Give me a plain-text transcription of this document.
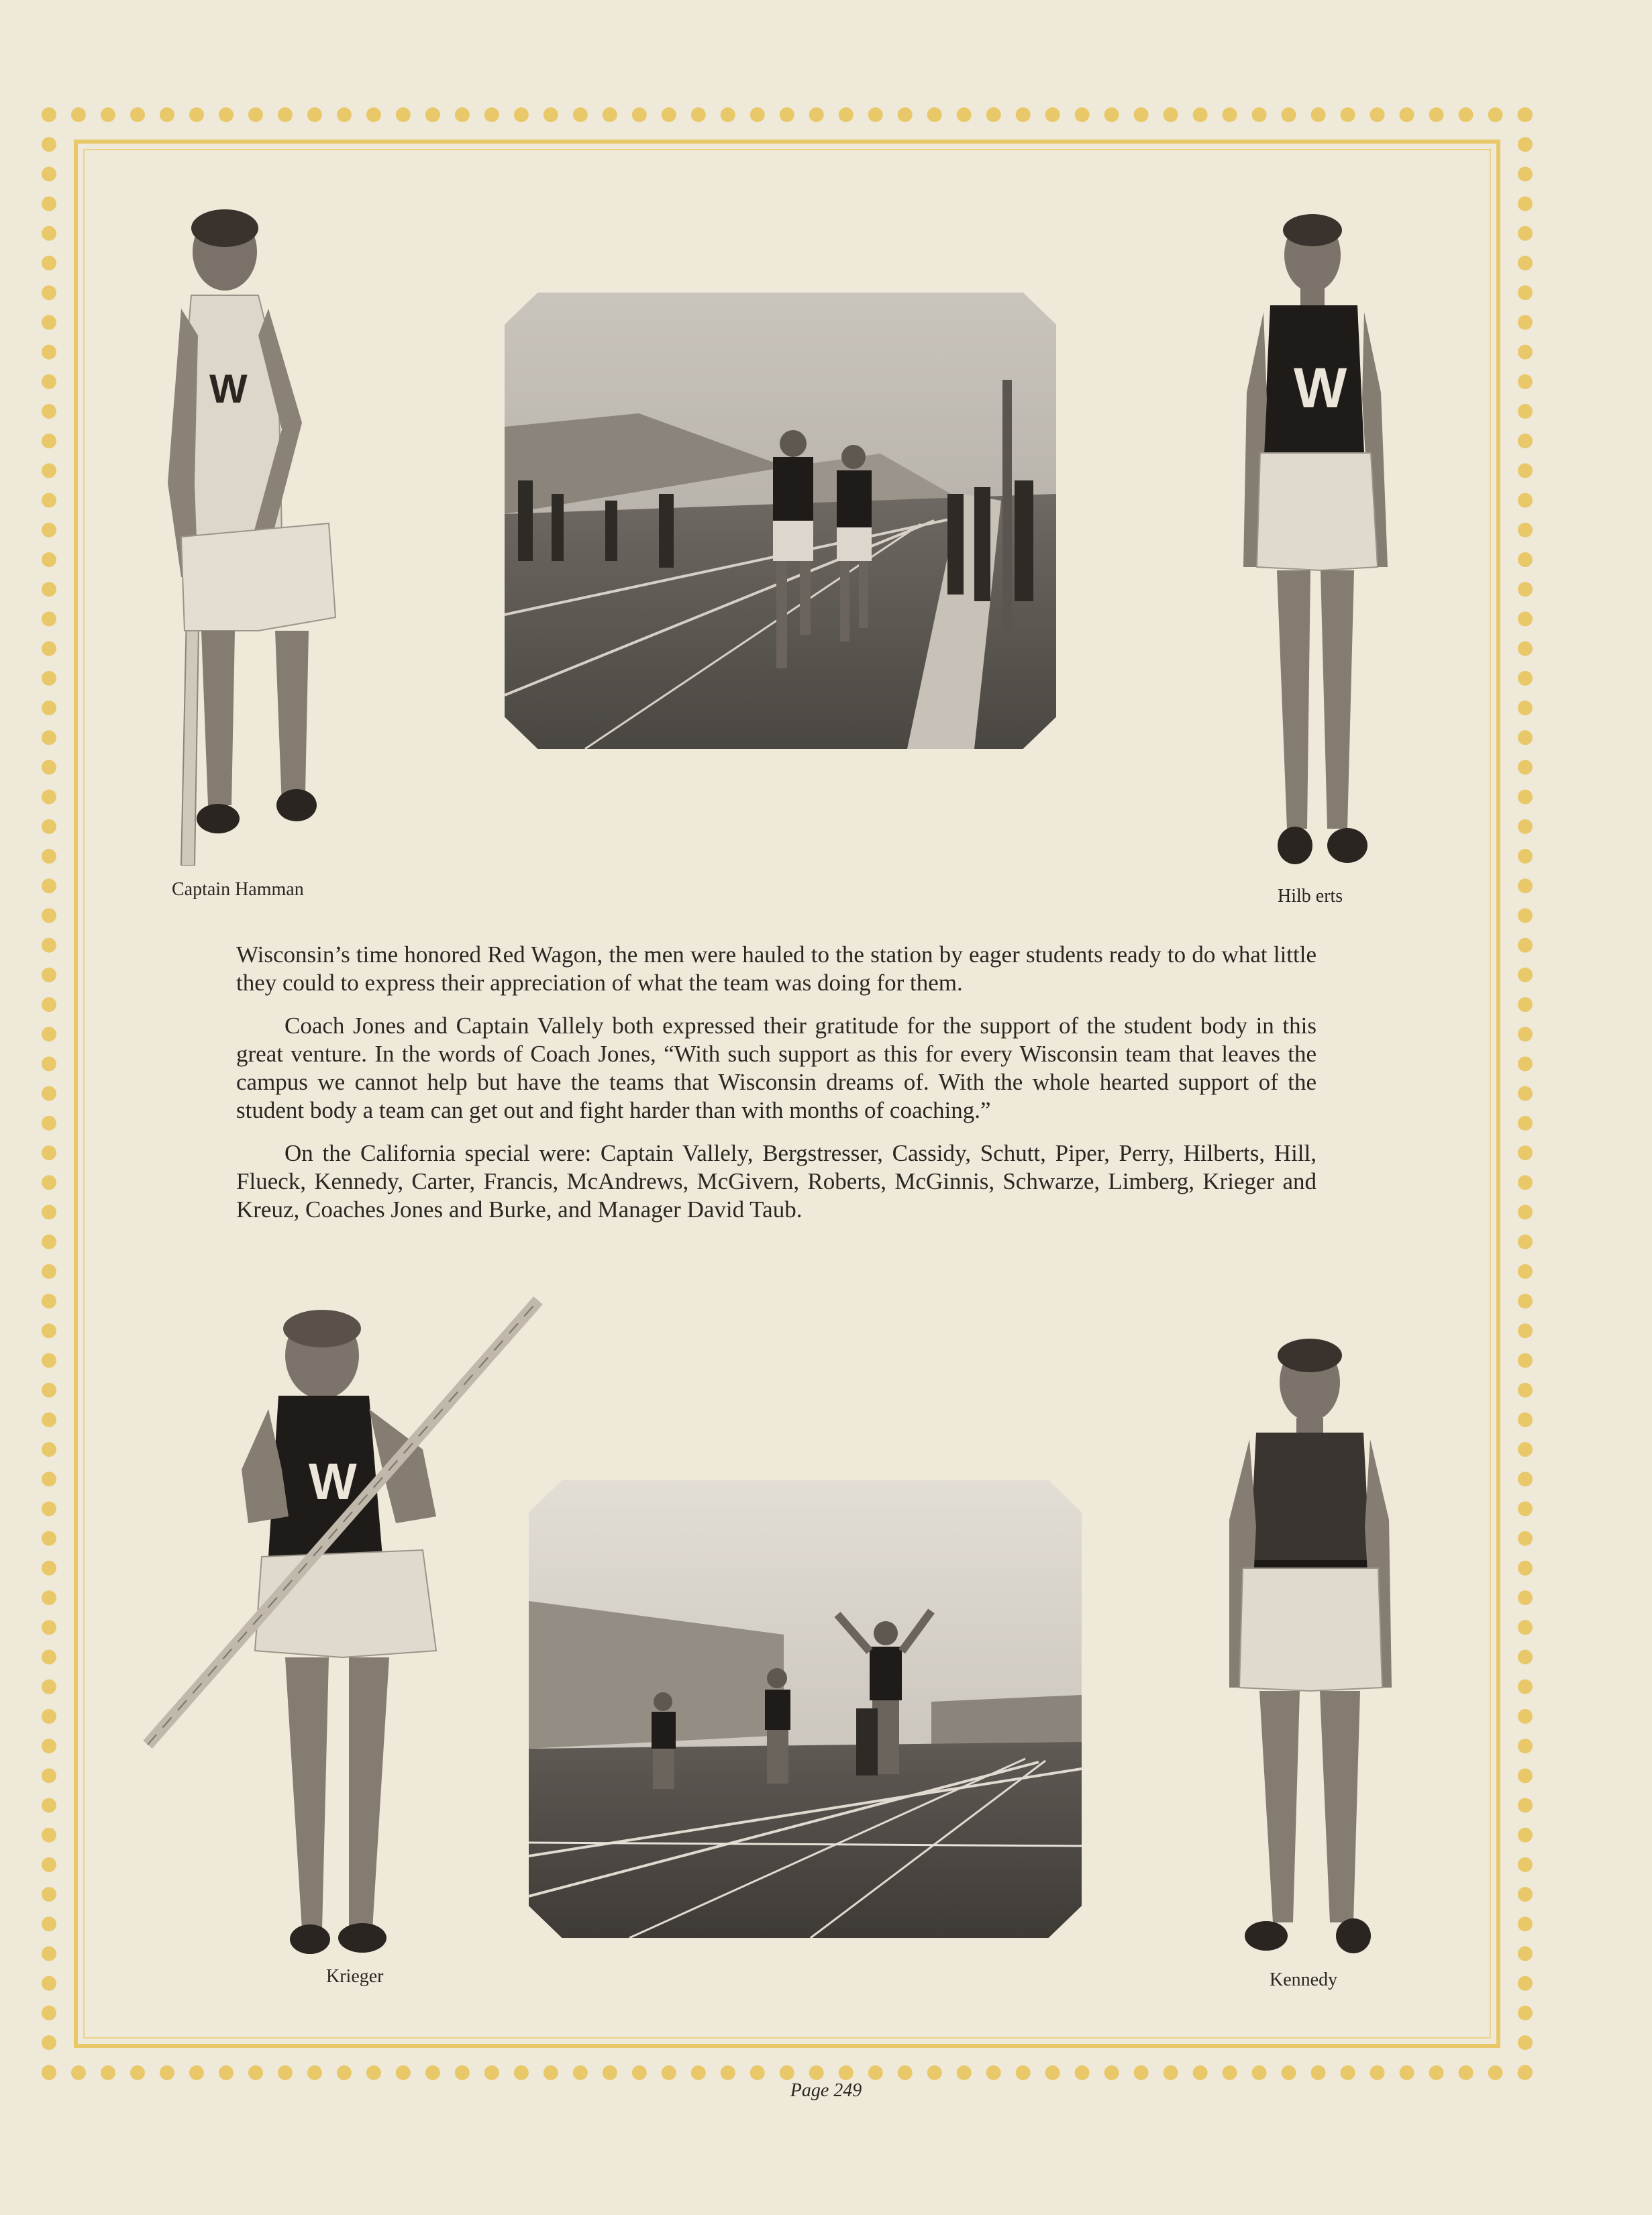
W
Captain Hamman
W
Hilb erts

Wisconsin’s time honored Red Wagon, the men were hauled to the station by eager students ready to do what little they could to express their appreciation of what the team was doing for them.

Coach Jones and Captain Vallely both expressed their gratitude for the support of the student body in this great venture. In the words of Coach Jones, “With such support as this for every Wisconsin team that leaves the campus we cannot help but have the teams that Wisconsin dreams of. With the whole hearted support of the student body a team can get out and fight harder than with months of coaching.”

On the California special were: Captain Vallely, Bergstresser, Cassidy, Schutt, Piper, Perry, Hilberts, Hill, Flueck, Kennedy, Carter, Francis, McAndrews, McGivern, Roberts, McGinnis, Schwarze, Limberg, Krieger and Kreuz, Coaches Jones and Burke, and Manager David Taub.

W
Krieger	Kennedy
Page 249
